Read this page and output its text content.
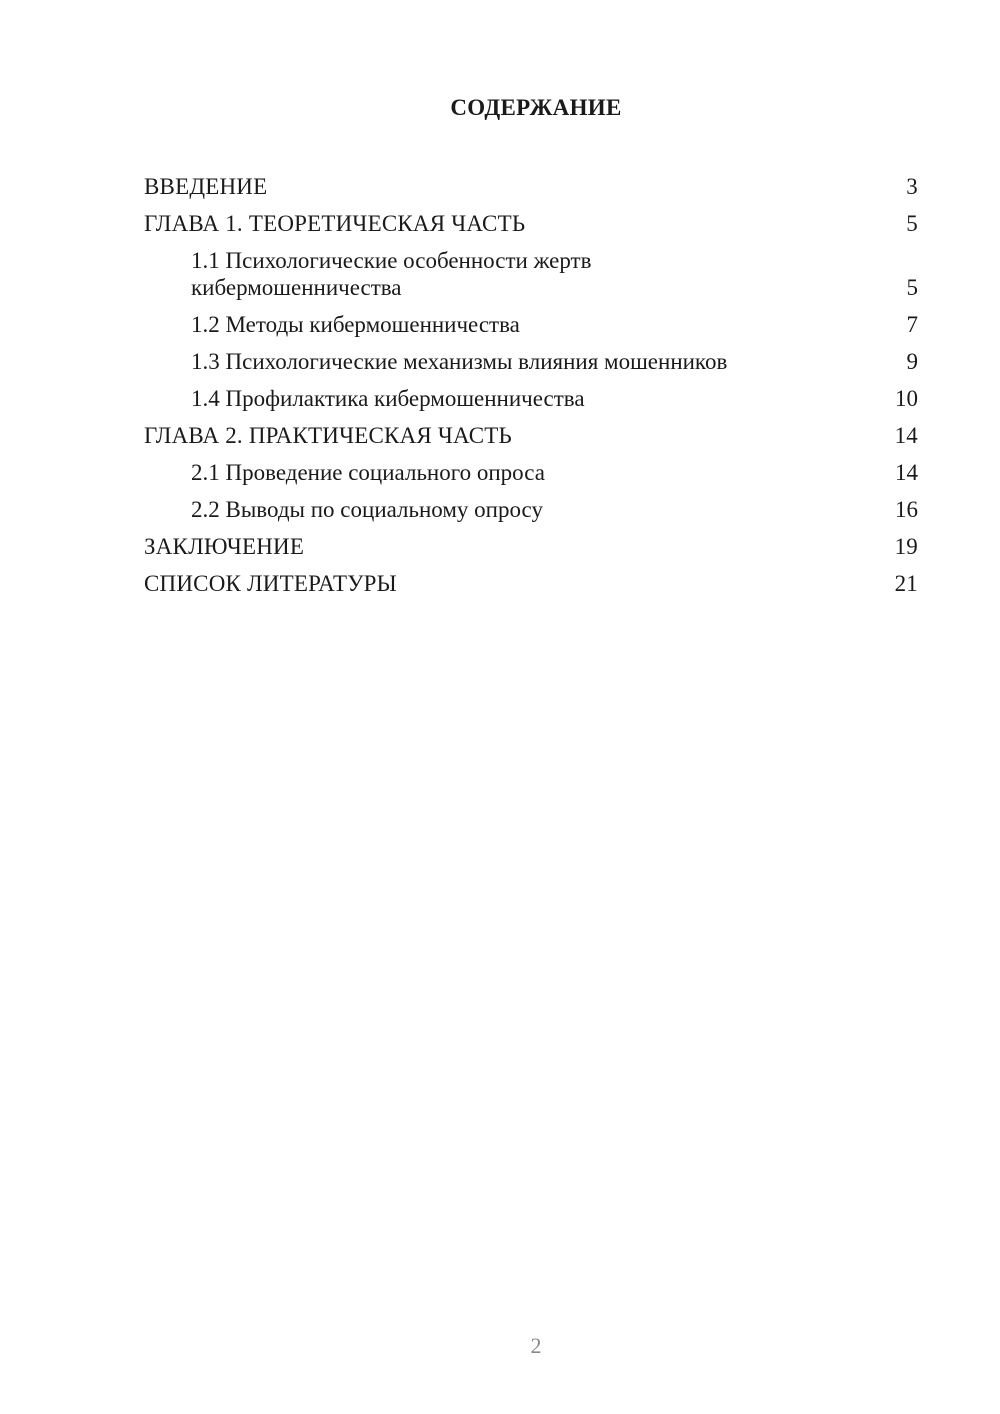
СОДЕРЖАНИЕ
ВВЕДЕНИЕ	3
ГЛАВА 1. ТЕОРЕТИЧЕСКАЯ ЧАСТЬ	5
1.1 Психологические особенности жертв кибермошенничества	5
1.2 Методы кибермошенничества	7
1.3 Психологические механизмы влияния мошенников	9
1.4 Профилактика кибермошенничества	10
ГЛАВА 2. ПРАКТИЧЕСКАЯ ЧАСТЬ	14
2.1 Проведение социального опроса	14
2.2 Выводы по социальному опросу	16
ЗАКЛЮЧЕНИЕ	19
СПИСОК ЛИТЕРАТУРЫ	21
2
